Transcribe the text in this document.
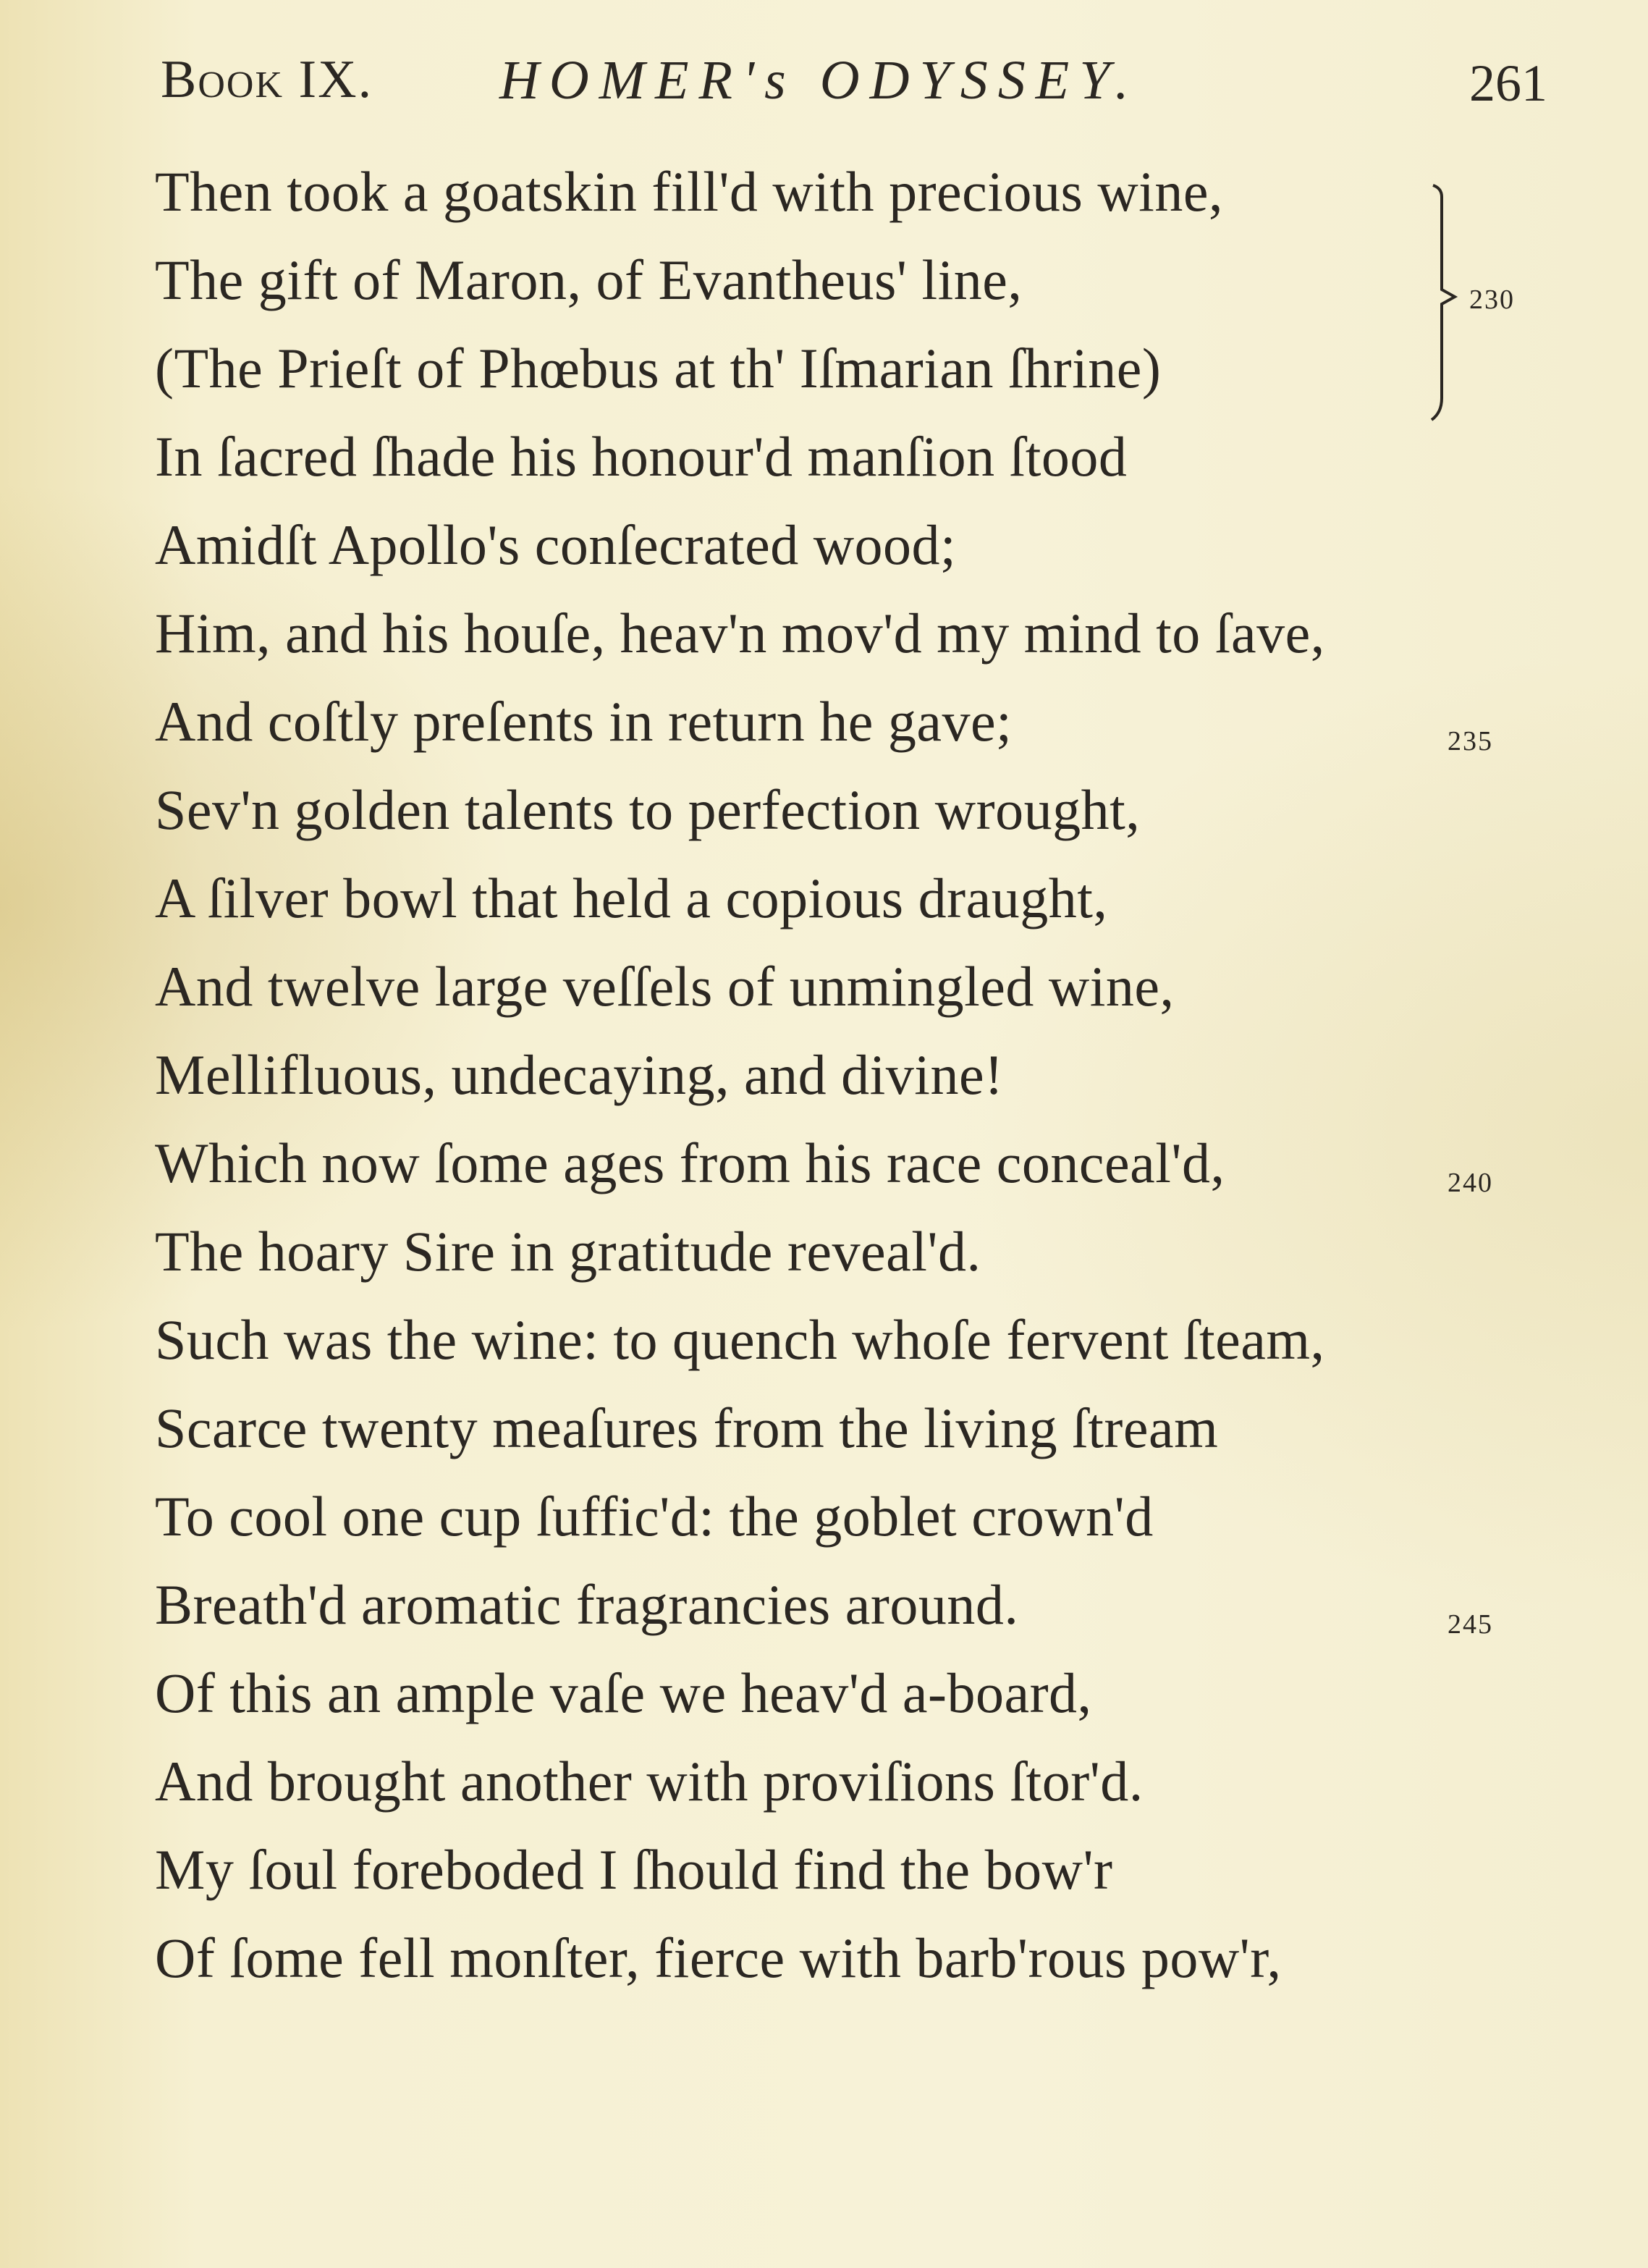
Book IX. HOMER's ODYSSEY.	261
Then took a goatskin fill'd with precious wine,
The gift of Maron, of Evantheus' line,
(The Prieſt of Phœbus at th' Iſmarian ſhrine)
In ſacred ſhade his honour'd manſion ſtood
Amidſt Apollo's conſecrated wood;
Him, and his houſe, heav'n mov'd my mind to ſave,
And coſtly preſents in return he gave;
Sev'n golden talents to perfection wrought,
A ſilver bowl that held a copious draught,
And twelve large veſſels of unmingled wine,
Mellifluous, undecaying, and divine!
Which now ſome ages from his race conceal'd,
The hoary Sire in gratitude reveal'd.
Such was the wine: to quench whoſe fervent ſteam,
Scarce twenty meaſures from the living ſtream
To cool one cup ſuffic'd: the goblet crown'd
Breath'd aromatic fragrancies around.
Of this an ample vaſe we heav'd a-board,
And brought another with proviſions ſtor'd.
My ſoul foreboded I ſhould find the bow'r
Of ſome fell monſter, fierce with barb'rous pow'r,
230
235
240
245
